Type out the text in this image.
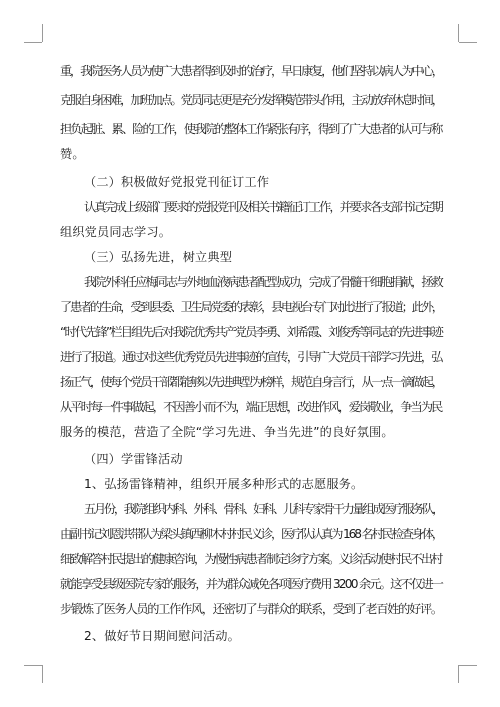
重，我院医务人员为使广大患者得到及时的治疗，早日康复，他们坚持以病人为中心，
克服自身困难，加班加点。党员同志更是充分发挥模范带头作用，主动放弃休息时间，
担负起脏、累、险的工作，使我院的整体工作紧张有序，得到了广大患者的认可与称
赞。
（二）积极做好党报党刊征订工作
认真完成上级部门要求的党报党刊及相关书籍征订工作，并要求各支部书记定期
组织党员同志学习。
（三）弘扬先进，树立典型
我院外科任应梅同志与外地血液病患者配型成功，完成了骨髓干细胞捐献，拯救
了患者的生命，受到县委、卫生局党委的表彰，县电视台专门对此进行了报道；此外，
“时代先锋”栏目组先后对我院优秀共产党员李勇、刘希霞、刘俊秀等同志的先进事迹
进行了报道。通过对这些优秀党员先进事迹的宣传，引导广大党员干部学习先进，弘
扬正气，使每个党员干部都能够以先进典型为榜样，规范自身言行，从一点一滴做起，
从平时每一件事做起，不因善小而不为，端正思想，改进作风，爱岗敬业，争当为民
服务的模范，营造了全院“学习先进、争当先进”的良好氛围。
（四）学雷锋活动
1、弘扬雷锋精神，组织开展多种形式的志愿服务。
五月份，我院组织内科、外科、骨科、妇科、儿科专家骨干力量组成医疗服务队，
由副书记刘恩洪带队为梁头镇西柳木村村民义诊，医疗队认真为 168 名村民检查身体，
细致解答村民提出的健康咨询，为慢性病患者制定诊疗方案。义诊活动使村民不出村
就能享受县级医院专家的服务，并为群众减免各项医疗费用 3200 余元。这不仅进一
步锻炼了医务人员的工作作风，还密切了与群众的联系，受到了老百姓的好评。
2、做好节日期间慰问活动。
